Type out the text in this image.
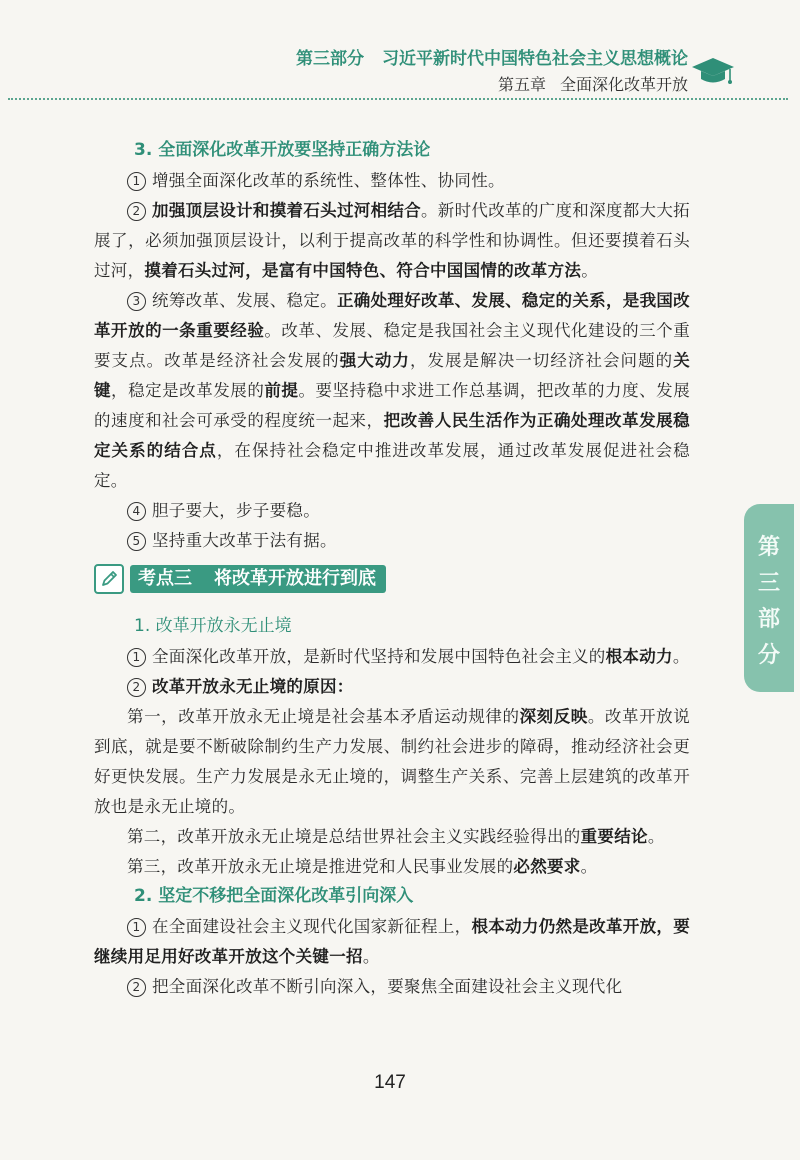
第三部分 习近平新时代中国特色社会主义思想概论
第五章 全面深化改革开放
第
三
部
分
3. 全面深化改革开放要坚持正确方法论

1 增强全面深化改革的系统性、整体性、协同性。

2 加强顶层设计和摸着石头过河相结合。新时代改革的广度和深度都大大拓展了，必须加强顶层设计，以利于提高改革的科学性和协调性。但还要摸着石头过河，摸着石头过河，是富有中国特色、符合中国国情的改革方法。

3 统筹改革、发展、稳定。正确处理好改革、发展、稳定的关系，是我国改革开放的一条重要经验。改革、发展、稳定是我国社会主义现代化建设的三个重要支点。改革是经济社会发展的强大动力，发展是解决一切经济社会问题的关键，稳定是改革发展的前提。要坚持稳中求进工作总基调，把改革的力度、发展的速度和社会可承受的程度统一起来，把改善人民生活作为正确处理改革发展稳定关系的结合点，在保持社会稳定中推进改革发展，通过改革发展促进社会稳定。

4 胆子要大，步子要稳。

5 坚持重大改革于法有据。

考点三 将改革开放进行到底
1. 改革开放永无止境

1 全面深化改革开放，是新时代坚持和发展中国特色社会主义的根本动力。

2 改革开放永无止境的原因：

第一，改革开放永无止境是社会基本矛盾运动规律的深刻反映。改革开放说到底，就是要不断破除制约生产力发展、制约社会进步的障碍，推动经济社会更好更快发展。生产力发展是永无止境的，调整生产关系、完善上层建筑的改革开放也是永无止境的。

第二，改革开放永无止境是总结世界社会主义实践经验得出的重要结论。

第三，改革开放永无止境是推进党和人民事业发展的必然要求。

2. 坚定不移把全面深化改革引向深入

1 在全面建设社会主义现代化国家新征程上，根本动力仍然是改革开放，要继续用足用好改革开放这个关键一招。

2 把全面深化改革不断引向深入，要聚焦全面建设社会主义现代化

147
